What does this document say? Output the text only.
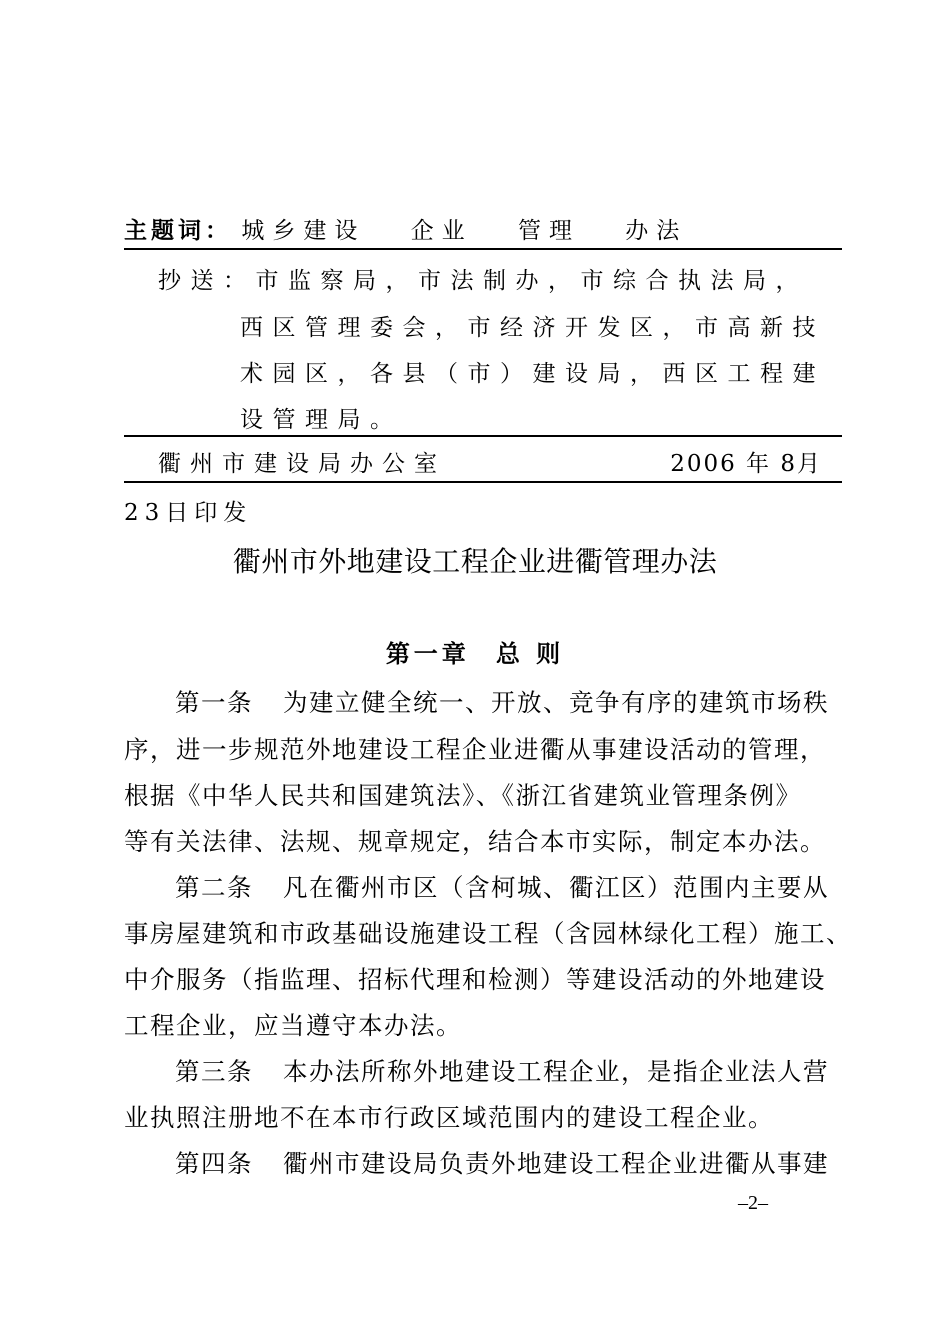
主题词： 城乡建设 企业 管理 办法
抄送：市监察局，市法制办，市综合执法局，
西区管理委会，市经济开发区，市高新技
术园区，各县（市）建设局，西区工程建
设管理局。
衢州市建设局办公室	2006 年 8月
23日印发
衢州市外地建设工程企业进衢管理办法
第一章 总 则
第一条 为建立健全统一、开放、竞争有序的建筑市场秩
序，进一步规范外地建设工程企业进衢从事建设活动的管理，
根据《中华人民共和国建筑法》、《浙江省建筑业管理条例》
等有关法律、法规、规章规定，结合本市实际，制定本办法。
第二条 凡在衢州市区（含柯城、衢江区）范围内主要从
事房屋建筑和市政基础设施建设工程（含园林绿化工程）施工、
中介服务（指监理、招标代理和检测）等建设活动的外地建设
工程企业，应当遵守本办法。
第三条 本办法所称外地建设工程企业，是指企业法人营
业执照注册地不在本市行政区域范围内的建设工程企业。
第四条 衢州市建设局负责外地建设工程企业进衢从事建
–2–
